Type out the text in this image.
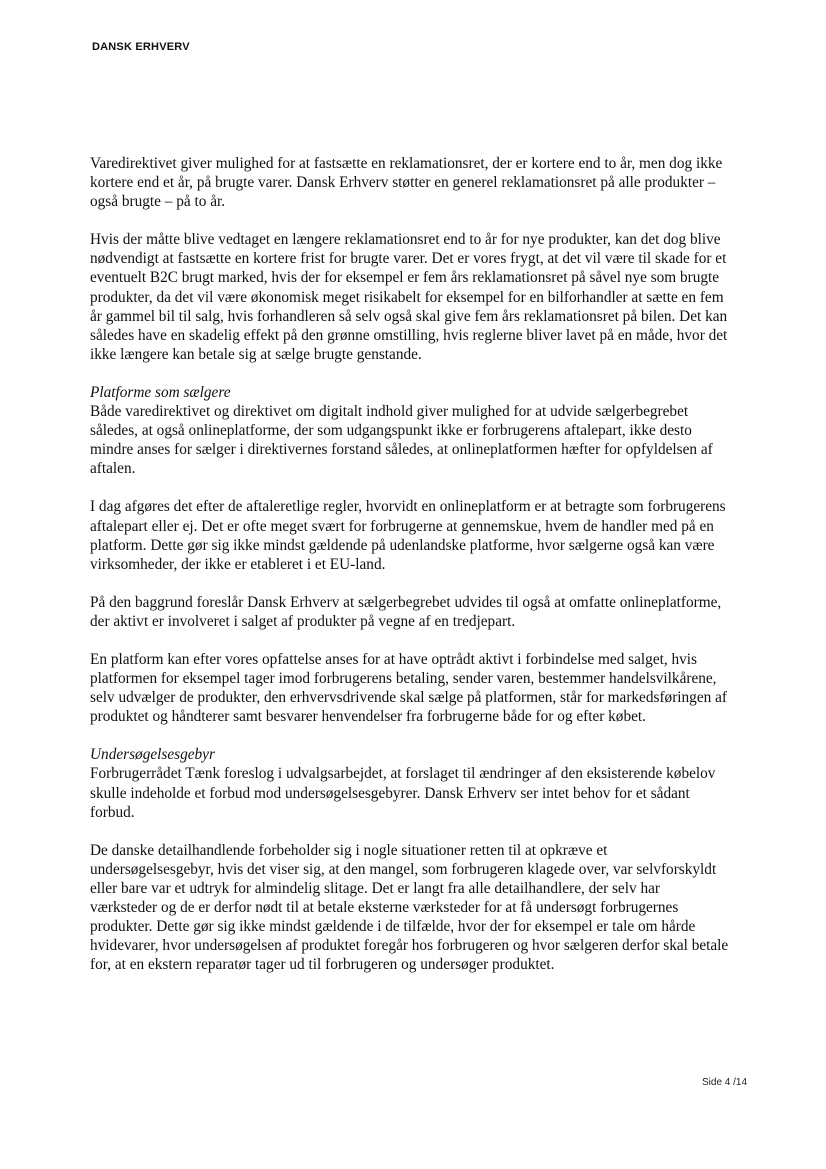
DANSK ERHVERV

Varedirektivet giver mulighed for at fastsætte en reklamationsret, der er kortere end to år, men dog ikke kortere end et år, på brugte varer. Dansk Erhverv støtter en generel reklamationsret på alle produkter – også brugte – på to år.

Hvis der måtte blive vedtaget en længere reklamationsret end to år for nye produkter, kan det dog blive nødvendigt at fastsætte en kortere frist for brugte varer. Det er vores frygt, at det vil være til skade for et eventuelt B2C brugt marked, hvis der for eksempel er fem års reklamationsret på såvel nye som brugte produkter, da det vil være økonomisk meget risikabelt for eksempel for en bilforhandler at sætte en fem år gammel bil til salg, hvis forhandleren så selv også skal give fem års reklamationsret på bilen. Det kan således have en skadelig effekt på den grønne omstilling, hvis reglerne bliver lavet på en måde, hvor det ikke længere kan betale sig at sælge brugte genstande.

Platforme som sælgere
Både varedirektivet og direktivet om digitalt indhold giver mulighed for at udvide sælgerbegrebet således, at også onlineplatforme, der som udgangspunkt ikke er forbrugerens aftalepart, ikke desto mindre anses for sælger i direktivernes forstand således, at onlineplatformen hæfter for opfyldelsen af aftalen.

I dag afgøres det efter de aftaleretlige regler, hvorvidt en onlineplatform er at betragte som forbrugerens aftalepart eller ej. Det er ofte meget svært for forbrugerne at gennemskue, hvem de handler med på en platform. Dette gør sig ikke mindst gældende på udenlandske platforme, hvor sælgerne også kan være virksomheder, der ikke er etableret i et EU-land.

På den baggrund foreslår Dansk Erhverv at sælgerbegrebet udvides til også at omfatte onlineplatforme, der aktivt er involveret i salget af produkter på vegne af en tredjepart.

En platform kan efter vores opfattelse anses for at have optrådt aktivt i forbindelse med salget, hvis platformen for eksempel tager imod forbrugerens betaling, sender varen, bestemmer handelsvilkårene, selv udvælger de produkter, den erhvervsdrivende skal sælge på platformen, står for markedsføringen af produktet og håndterer samt besvarer henvendelser fra forbrugerne både for og efter købet.

Undersøgelsesgebyr
Forbrugerrådet Tænk foreslog i udvalgsarbejdet, at forslaget til ændringer af den eksisterende købelov skulle indeholde et forbud mod undersøgelsesgebyrer. Dansk Erhverv ser intet behov for et sådant forbud.

De danske detailhandlende forbeholder sig i nogle situationer retten til at opkræve et undersøgelsesgebyr, hvis det viser sig, at den mangel, som forbrugeren klagede over, var selvforskyldt eller bare var et udtryk for almindelig slitage. Det er langt fra alle detailhandlere, der selv har værksteder og de er derfor nødt til at betale eksterne værksteder for at få undersøgt forbrugernes produkter. Dette gør sig ikke mindst gældende i de tilfælde, hvor der for eksempel er tale om hårde hvidevarer, hvor undersøgelsen af produktet foregår hos forbrugeren og hvor sælgeren derfor skal betale for, at en ekstern reparatør tager ud til forbrugeren og undersøger produktet.

Side 4 /14
